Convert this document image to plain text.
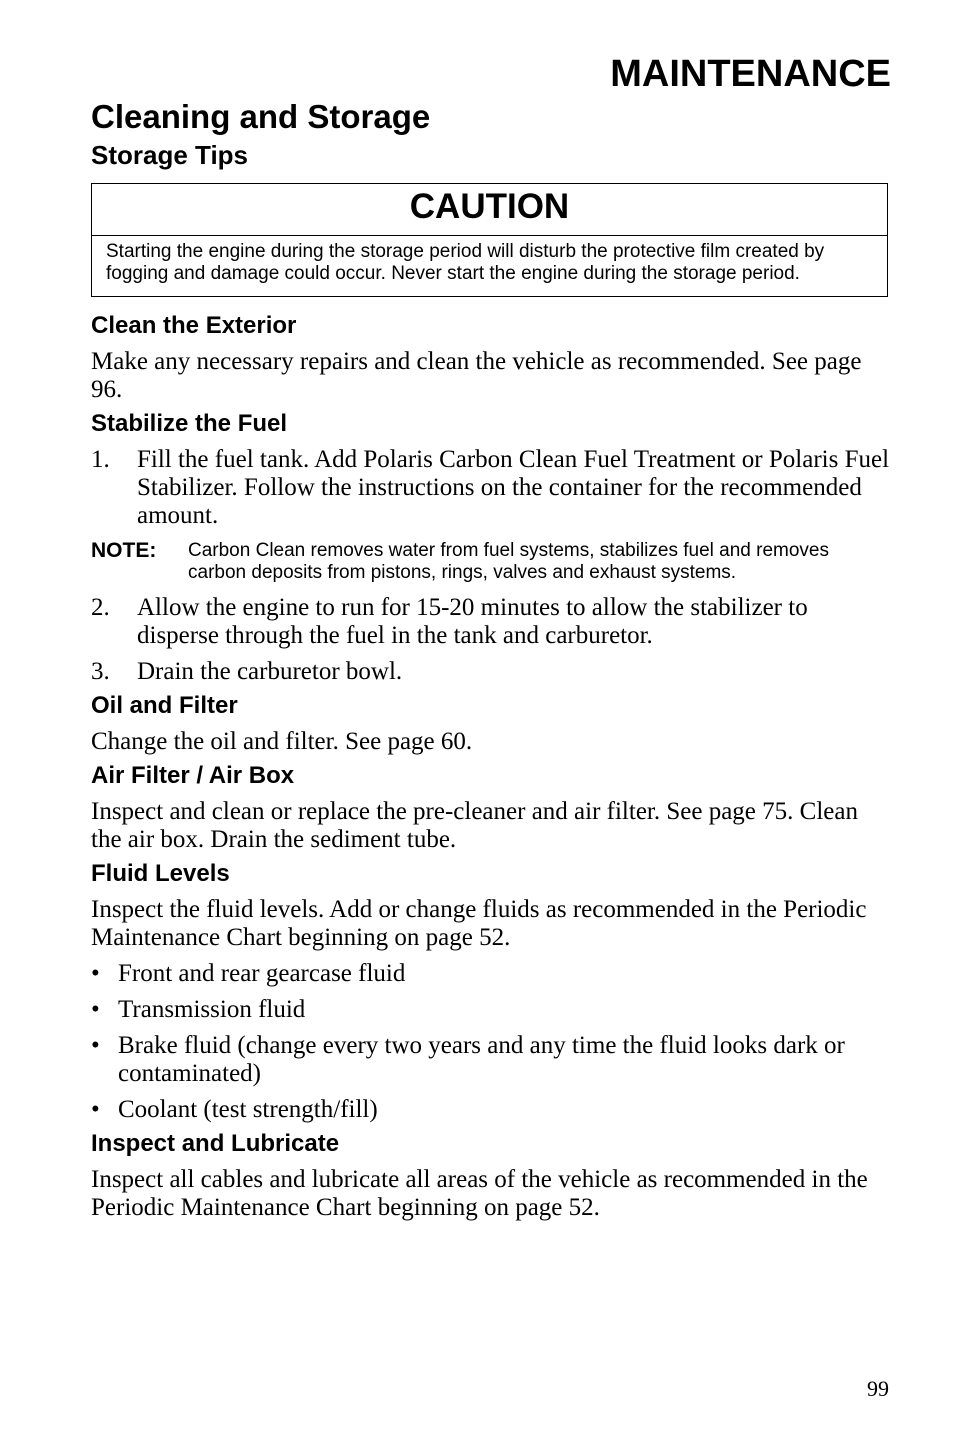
MAINTENANCE
Cleaning and Storage
Storage Tips
CAUTION
Starting the engine during the storage period will disturb the protective film created by fogging and damage could occur. Never start the engine during the storage period.
Clean the Exterior

Make any necessary repairs and clean the vehicle as recommended. See page 96.

Stabilize the Fuel
1.	Fill the fuel tank. Add Polaris Carbon Clean Fuel Treatment or Polaris Fuel Stabilizer. Follow the instructions on the container for the recommended amount.
NOTE:	Carbon Clean removes water from fuel systems, stabilizes fuel and removes carbon deposits from pistons, rings, valves and exhaust systems.
2.	Allow the engine to run for 15-20 minutes to allow the stabilizer to disperse through the fuel in the tank and carburetor.
3.	Drain the carburetor bowl.
Oil and Filter

Change the oil and filter. See page 60.

Air Filter / Air Box

Inspect and clean or replace the pre-cleaner and air filter. See page 75. Clean the air box. Drain the sediment tube.

Fluid Levels

Inspect the fluid levels. Add or change fluids as recommended in the Periodic Maintenance Chart beginning on page 52.

• Front and rear gearcase fluid
• Transmission fluid
• Brake fluid (change every two years and any time the fluid looks dark or contaminated)
• Coolant (test strength/fill)
Inspect and Lubricate

Inspect all cables and lubricate all areas of the vehicle as recommended in the Periodic Maintenance Chart beginning on page 52.

99
